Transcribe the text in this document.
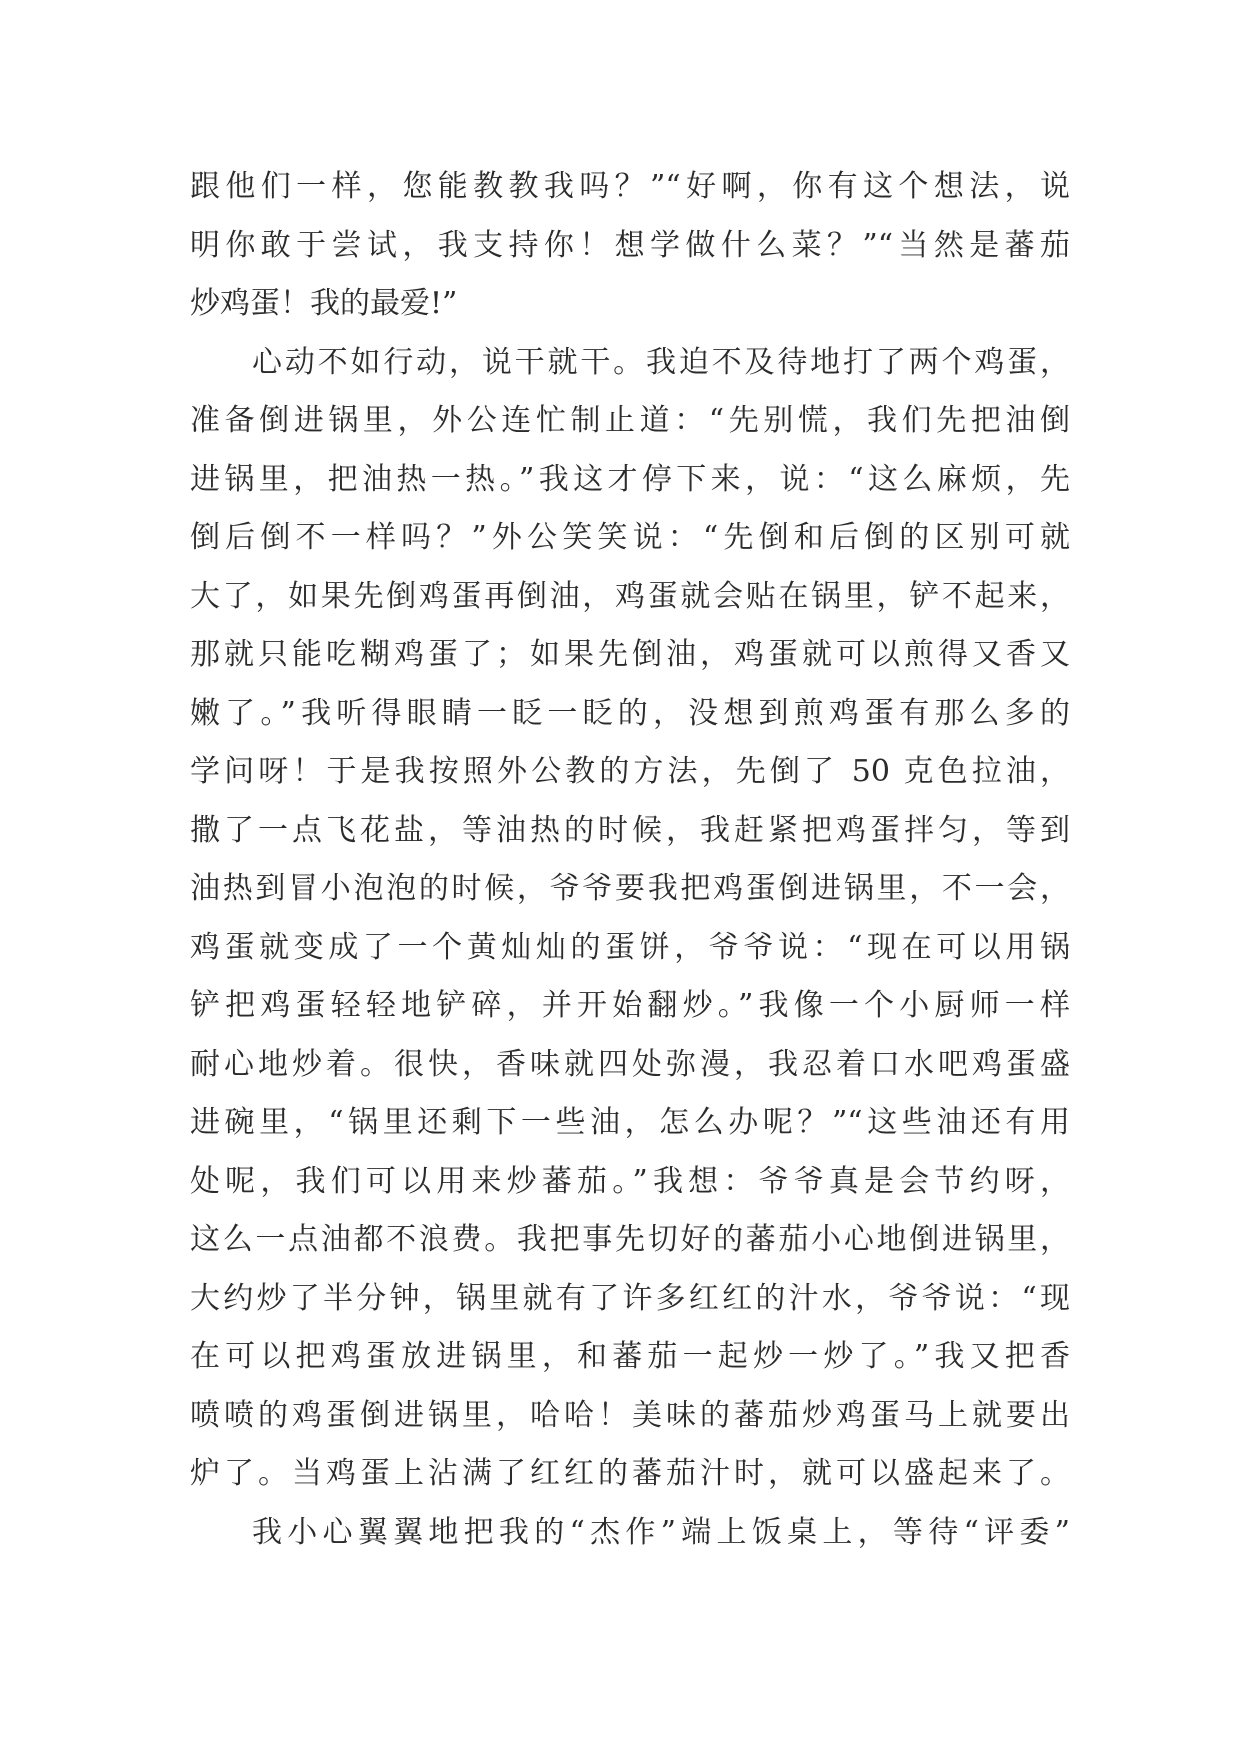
跟他们一样，您能教教我吗？”“好啊，你有这个想法，说
明你敢于尝试，我支持你！想学做什么菜？”“当然是蕃茄
炒鸡蛋！我的最爱!”
心动不如行动，说干就干。我迫不及待地打了两个鸡蛋，
准备倒进锅里，外公连忙制止道：“先别慌，我们先把油倒
进锅里，把油热一热。”我这才停下来，说：“这么麻烦，先
倒后倒不一样吗？”外公笑笑说：“先倒和后倒的区别可就
大了，如果先倒鸡蛋再倒油，鸡蛋就会贴在锅里，铲不起来，
那就只能吃糊鸡蛋了；如果先倒油，鸡蛋就可以煎得又香又
嫩了。”我听得眼睛一眨一眨的，没想到煎鸡蛋有那么多的
学问呀！于是我按照外公教的方法，先倒了 50 克色拉油，
撒了一点飞花盐，等油热的时候，我赶紧把鸡蛋拌匀，等到
油热到冒小泡泡的时候，爷爷要我把鸡蛋倒进锅里，不一会，
鸡蛋就变成了一个黄灿灿的蛋饼，爷爷说：“现在可以用锅
铲把鸡蛋轻轻地铲碎，并开始翻炒。”我像一个小厨师一样
耐心地炒着。很快，香味就四处弥漫，我忍着口水吧鸡蛋盛
进碗里，“锅里还剩下一些油，怎么办呢？”“这些油还有用
处呢，我们可以用来炒蕃茄。”我想：爷爷真是会节约呀，
这么一点油都不浪费。我把事先切好的蕃茄小心地倒进锅里，
大约炒了半分钟，锅里就有了许多红红的汁水，爷爷说：“现
在可以把鸡蛋放进锅里，和蕃茄一起炒一炒了。”我又把香
喷喷的鸡蛋倒进锅里，哈哈！美味的蕃茄炒鸡蛋马上就要出
炉了。当鸡蛋上沾满了红红的蕃茄汁时，就可以盛起来了。
我小心翼翼地把我的“杰作”端上饭桌上，等待“评委”
